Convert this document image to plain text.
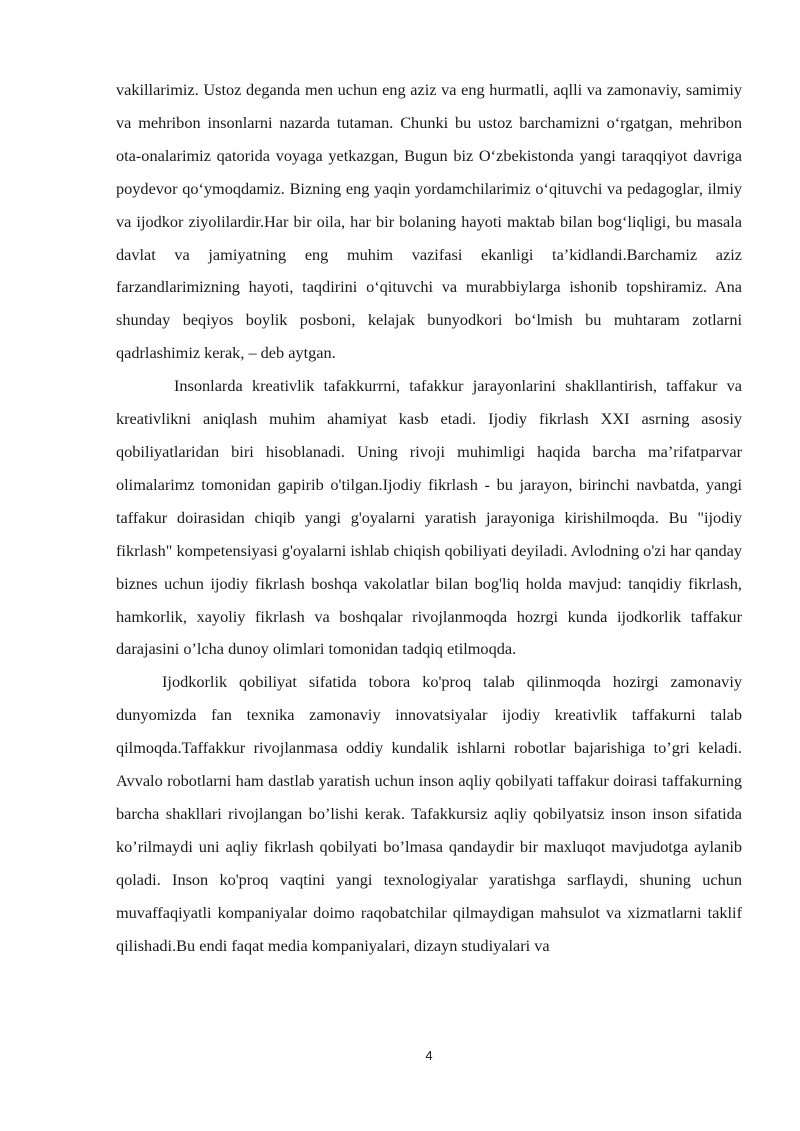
vakillarimiz. Ustoz deganda men uchun eng aziz va eng hurmatli, aqlli va zamonaviy, samimiy va mehribon insonlarni nazarda tutaman. Chunki bu ustoz barchamizni o‘rgatgan, mehribon ota-onalarimiz qatorida voyaga yetkazgan, Bugun biz O‘zbekistonda yangi taraqqiyot davriga poydevor qo‘ymoqdamiz. Bizning eng yaqin yordamchilarimiz o‘qituvchi va pedagoglar, ilmiy va ijodkor ziyolilardir.Har bir oila, har bir bolaning hayoti maktab bilan bog‘liqligi, bu masala davlat va jamiyatning eng muhim vazifasi ekanligi ta’kidlandi.Barchamiz aziz farzandlarimizning hayoti, taqdirini o‘qituvchi va murabbiylarga ishonib topshiramiz. Ana shunday beqiyos boylik posboni, kelajak bunyodkori bo‘lmish bu muhtaram zotlarni qadrlashimiz kerak, – deb aytgan.

Insonlarda kreativlik tafakkurrni, tafakkur jarayonlarini shakllantirish, taffakur va kreativlikni aniqlash muhim ahamiyat kasb etadi. Ijodiy fikrlash XXI asrning asosiy qobiliyatlaridan biri hisoblanadi. Uning rivoji muhimligi haqida barcha ma’rifatparvar olimalarimz tomonidan gapirib o'tilgan.Ijodiy fikrlash - bu jarayon, birinchi navbatda, yangi taffakur doirasidan chiqib yangi g'oyalarni yaratish jarayoniga kirishilmoqda. Bu "ijodiy fikrlash" kompetensiyasi g'oyalarni ishlab chiqish qobiliyati deyiladi. Avlodning o'zi har qanday biznes uchun ijodiy fikrlash boshqa vakolatlar bilan bog'liq holda mavjud: tanqidiy fikrlash, hamkorlik, xayoliy fikrlash va boshqalar rivojlanmoqda hozrgi kunda ijodkorlik taffakur darajasini o’lcha dunoy olimlari tomonidan tadqiq etilmoqda.

Ijodkorlik qobiliyat sifatida tobora ko'proq talab qilinmoqda hozirgi zamonaviy dunyomizda fan texnika zamonaviy innovatsiyalar ijodiy kreativlik taffakurni talab qilmoqda.Taffakkur rivojlanmasa oddiy kundalik ishlarni robotlar bajarishiga to’gri keladi. Avvalo robotlarni ham dastlab yaratish uchun inson aqliy qobilyati taffakur doirasi taffakurning barcha shakllari rivojlangan bo’lishi kerak. Tafakkursiz aqliy qobilyatsiz inson inson sifatida ko’rilmaydi uni aqliy fikrlash qobilyati bo’lmasa qandaydir bir maxluqot mavjudotga aylanib qoladi. Inson ko'proq vaqtini yangi texnologiyalar yaratishga sarflaydi, shuning uchun muvaffaqiyatli kompaniyalar doimo raqobatchilar qilmaydigan mahsulot va xizmatlarni taklif qilishadi.Bu endi faqat media kompaniyalari, dizayn studiyalari va

4
